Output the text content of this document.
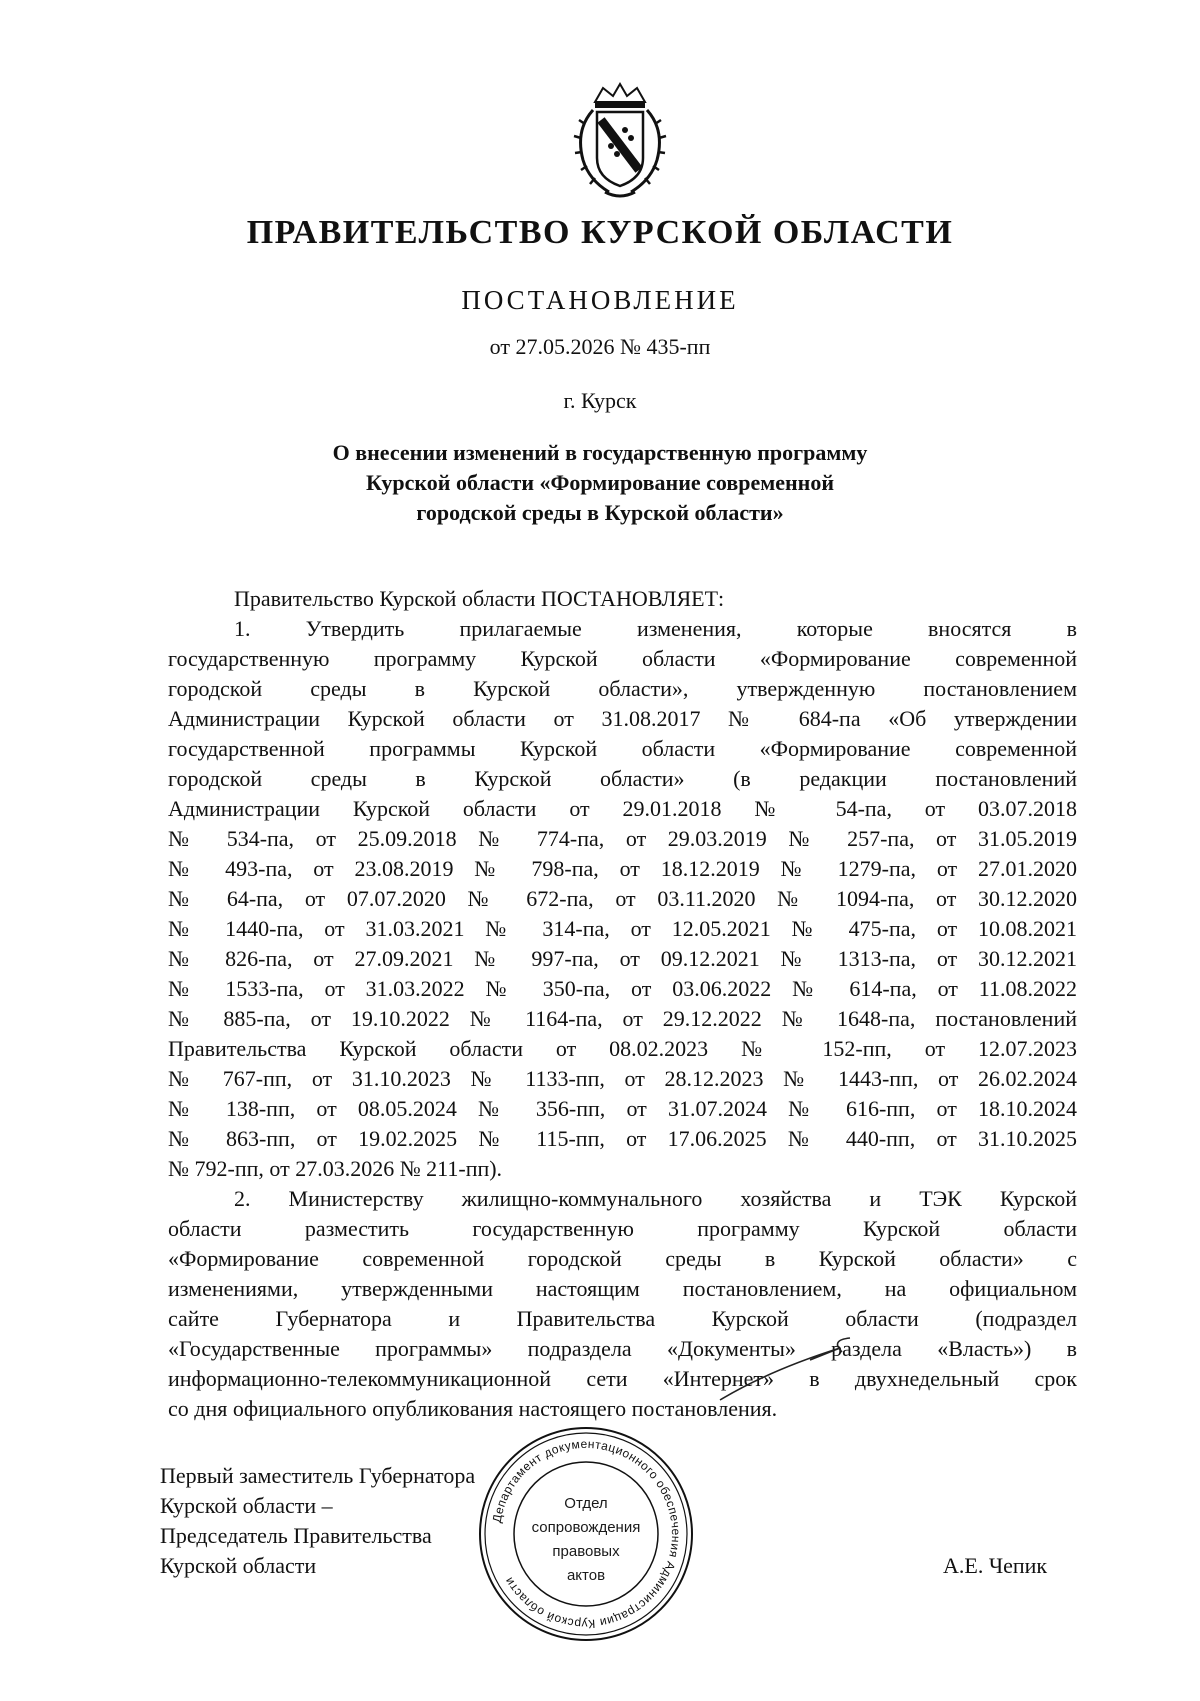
ПРАВИТЕЛЬСТВО КУРСКОЙ ОБЛАСТИ
ПОСТАНОВЛЕНИЕ
от 27.05.2026 № 435-пп
г. Курск
О внесении изменений в государственную программу
Курской области «Формирование современной
городской среды в Курской области»
Правительство Курской области ПОСТАНОВЛЯЕТ:
1. Утвердить прилагаемые изменения, которые вносятся в
государственную программу Курской области «Формирование современной
городской среды в Курской области», утвержденную постановлением
Администрации Курской области от 31.08.2017 № 684-па «Об утверждении
государственной программы Курской области «Формирование современной
городской среды в Курской области» (в редакции постановлений
Администрации Курской области от 29.01.2018 № 54-па, от 03.07.2018
№ 534-па, от 25.09.2018 № 774-па, от 29.03.2019 № 257-па, от 31.05.2019
№ 493-па, от 23.08.2019 № 798-па, от 18.12.2019 № 1279-па, от 27.01.2020
№ 64-па, от 07.07.2020 № 672-па, от 03.11.2020 № 1094-па, от 30.12.2020
№ 1440-па, от 31.03.2021 № 314-па, от 12.05.2021 № 475-па, от 10.08.2021
№ 826-па, от 27.09.2021 № 997-па, от 09.12.2021 № 1313-па, от 30.12.2021
№ 1533-па, от 31.03.2022 № 350-па, от 03.06.2022 № 614-па, от 11.08.2022
№ 885-па, от 19.10.2022 № 1164-па, от 29.12.2022 № 1648-па, постановлений
Правительства Курской области от 08.02.2023 № 152-пп, от 12.07.2023
№ 767-пп, от 31.10.2023 № 1133-пп, от 28.12.2023 № 1443-пп, от 26.02.2024
№ 138-пп, от 08.05.2024 № 356-пп, от 31.07.2024 № 616-пп, от 18.10.2024
№ 863-пп, от 19.02.2025 № 115-пп, от 17.06.2025 № 440-пп, от 31.10.2025
№ 792-пп, от 27.03.2026 № 211-пп).
2. Министерству жилищно-коммунального хозяйства и ТЭК Курской
области разместить государственную программу Курской области
«Формирование современной городской среды в Курской области» с
изменениями, утвержденными настоящим постановлением, на официальном
сайте Губернатора и Правительства Курской области (подраздел
«Государственные программы» подраздела «Документы» раздела «Власть») в
информационно-телекоммуникационной сети «Интернет» в двухнедельный срок
со дня официального опубликования настоящего постановления.
Первый заместитель Губернатора
Курской области –
Председатель Правительства
Курской области	А.Е. Чепик
Департамент документационного обеспечения Администрации Курской области
Отдел
сопровождения
правовых
актов
